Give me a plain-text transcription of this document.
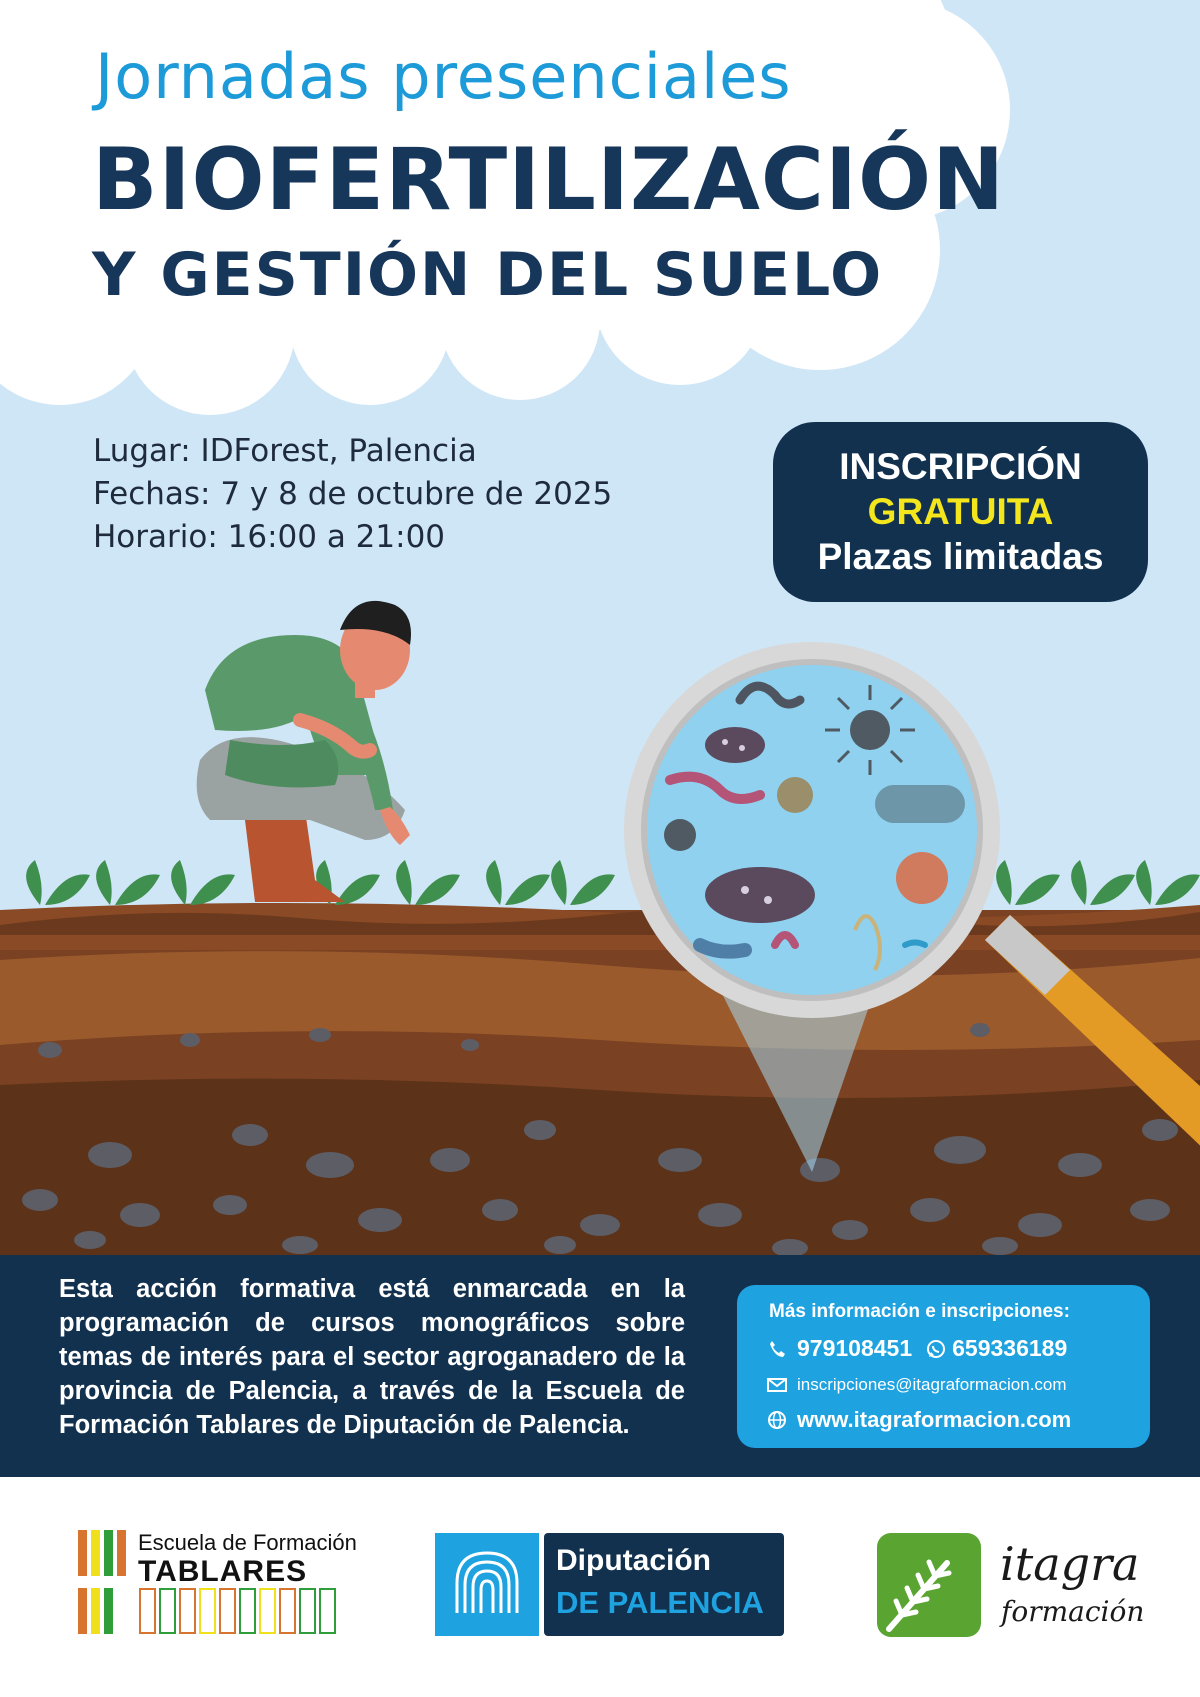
Jornadas presenciales
BIOFERTILIZACIÓN
Y GESTIÓN DEL SUELO
Lugar: IDForest, Palencia
Fechas: 7 y 8 de octubre de 2025
Horario: 16:00 a 21:00
INSCRIPCIÓN
GRATUITA
Plazas limitadas
Esta acción formativa está enmarcada en la programación de cursos monográficos sobre temas de interés para el sector agroganadero de la provincia de Palencia, a través de la Escuela de Formación Tablares de Diputación de Palencia.
Más información e inscripciones:
979108451 659336189
inscripciones@itagraformacion.com
www.itagraformacion.com
Escuela de Formación
TABLARES	Diputación
DE PALENCIA
itagra
formación
